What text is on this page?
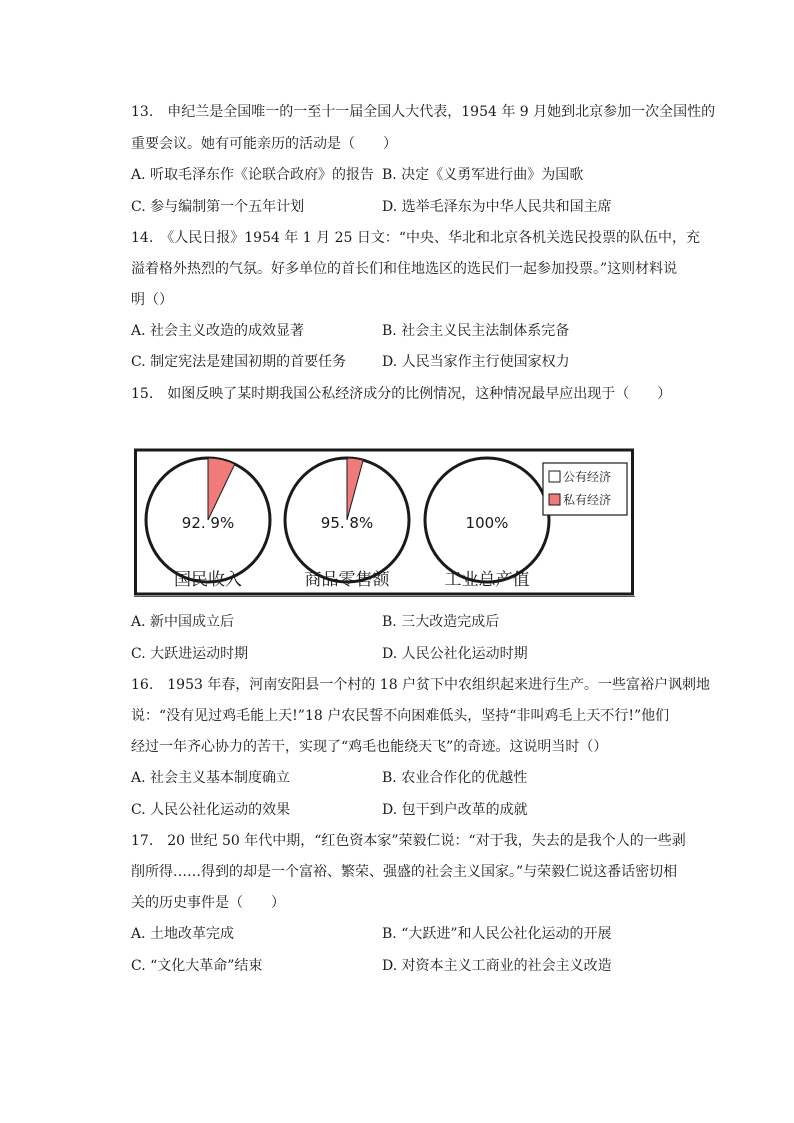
13.　申纪兰是全国唯一的一至十一届全国人大代表，1954 年 9 月她到北京参加一次全国性的
重要会议。她有可能亲历的活动是（　　）
A. 听取毛泽东作《论联合政府》的报告 B. 决定《义勇军进行曲》为国歌
C. 参与编制第一个五年计划	D. 选举毛泽东为中华人民共和国主席
14.　《人民日报》1954 年 1 月 25 日文：“中央、华北和北京各机关选民投票的队伍中，充
溢着格外热烈的气氛。好多单位的首长们和住地选区的选民们一起参加投票。”这则材料说
明（）
A. 社会主义改造的成效显著	B. 社会主义民主法制体系完备
C. 制定宪法是建国初期的首要任务	D. 人民当家作主行使国家权力
15.　如图反映了某时期我国公私经济成分的比例情况，这种情况最早应出现于（　　）
92. 9%
国民收入
95. 8%
商品零售额
100%
工业总产值
公有经济
私有经济
A. 新中国成立后	B. 三大改造完成后
C. 大跃进运动时期	D. 人民公社化运动时期
16.　1953 年春，河南安阳县一个村的 18 户贫下中农组织起来进行生产。一些富裕户讽刺地
说：“没有见过鸡毛能上天!”18 户农民誓不向困难低头，坚持“非叫鸡毛上天不行!”他们
经过一年齐心协力的苦干，实现了“鸡毛也能绕天飞”的奇迹。这说明当时（）
A. 社会主义基本制度确立	B. 农业合作化的优越性
C. 人民公社化运动的效果	D. 包干到户改革的成就
17.　20 世纪 50 年代中期，“红色资本家”荣毅仁说：“对于我，失去的是我个人的一些剥
削所得……得到的却是一个富裕、繁荣、强盛的社会主义国家。”与荣毅仁说这番话密切相
关的历史事件是（　　）
A. 土地改革完成	B. “大跃进”和人民公社化运动的开展
C. “文化大革命”结束	D. 对资本主义工商业的社会主义改造
